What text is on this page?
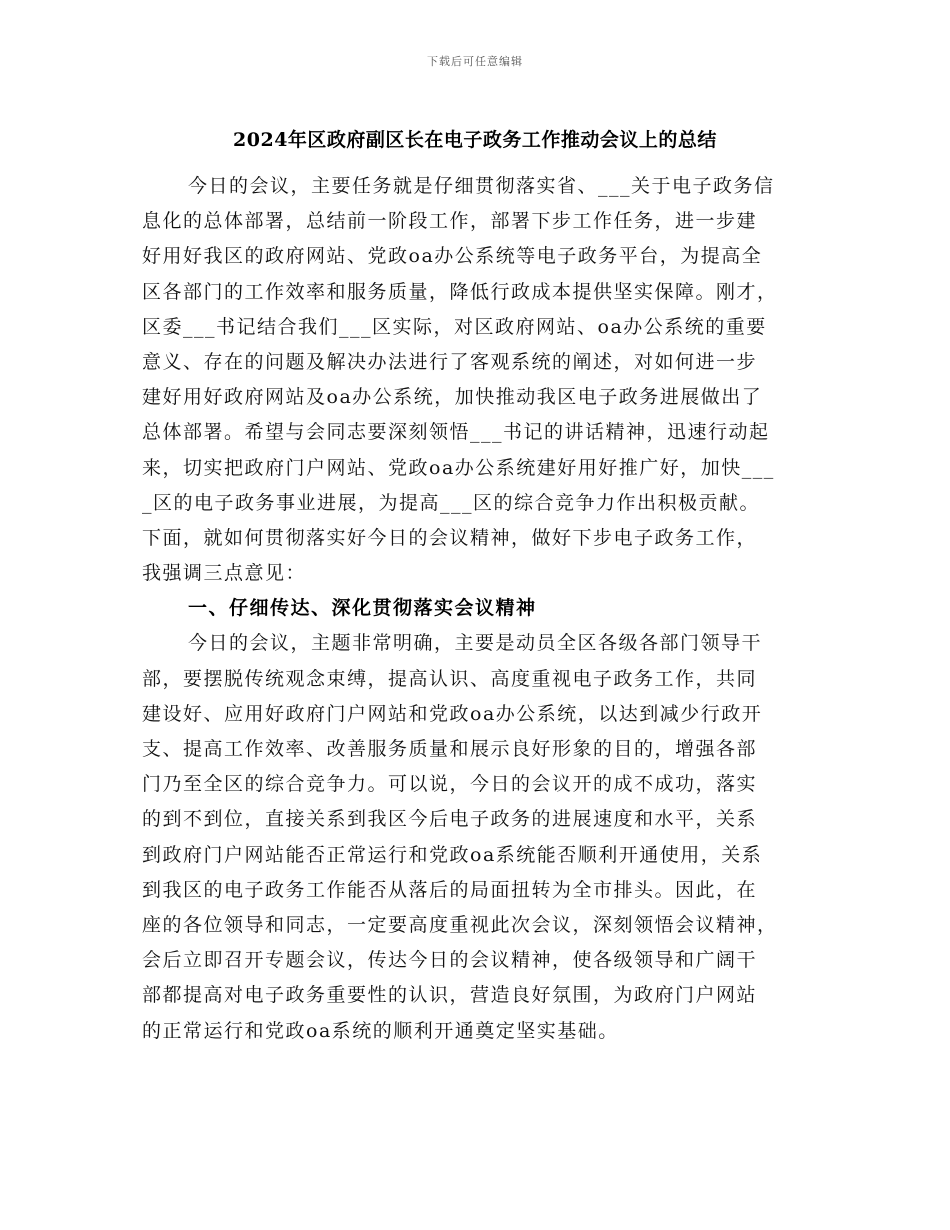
下载后可任意编辑
2024年区政府副区长在电子政务工作推动会议上的总结
今日的会议，主要任务就是仔细贯彻落实省、___关于电子政务信
息化的总体部署，总结前一阶段工作，部署下步工作任务，进一步建
好用好我区的政府网站、党政oa办公系统等电子政务平台，为提高全
区各部门的工作效率和服务质量，降低行政成本提供坚实保障。刚才，
区委___书记结合我们___区实际，对区政府网站、oa办公系统的重要
意义、存在的问题及解决办法进行了客观系统的阐述，对如何进一步
建好用好政府网站及oa办公系统，加快推动我区电子政务进展做出了
总体部署。希望与会同志要深刻领悟___书记的讲话精神，迅速行动起
来，切实把政府门户网站、党政oa办公系统建好用好推广好，加快___
_区的电子政务事业进展，为提高___区的综合竞争力作出积极贡献。
下面，就如何贯彻落实好今日的会议精神，做好下步电子政务工作，
我强调三点意见：
一、仔细传达、深化贯彻落实会议精神
今日的会议，主题非常明确，主要是动员全区各级各部门领导干
部，要摆脱传统观念束缚，提高认识、高度重视电子政务工作，共同
建设好、应用好政府门户网站和党政oa办公系统，以达到减少行政开
支、提高工作效率、改善服务质量和展示良好形象的目的，增强各部
门乃至全区的综合竞争力。可以说，今日的会议开的成不成功，落实
的到不到位，直接关系到我区今后电子政务的进展速度和水平，关系
到政府门户网站能否正常运行和党政oa系统能否顺利开通使用，关系
到我区的电子政务工作能否从落后的局面扭转为全市排头。因此，在
座的各位领导和同志，一定要高度重视此次会议，深刻领悟会议精神，
会后立即召开专题会议，传达今日的会议精神，使各级领导和广阔干
部都提高对电子政务重要性的认识，营造良好氛围，为政府门户网站
的正常运行和党政oa系统的顺利开通奠定坚实基础。
